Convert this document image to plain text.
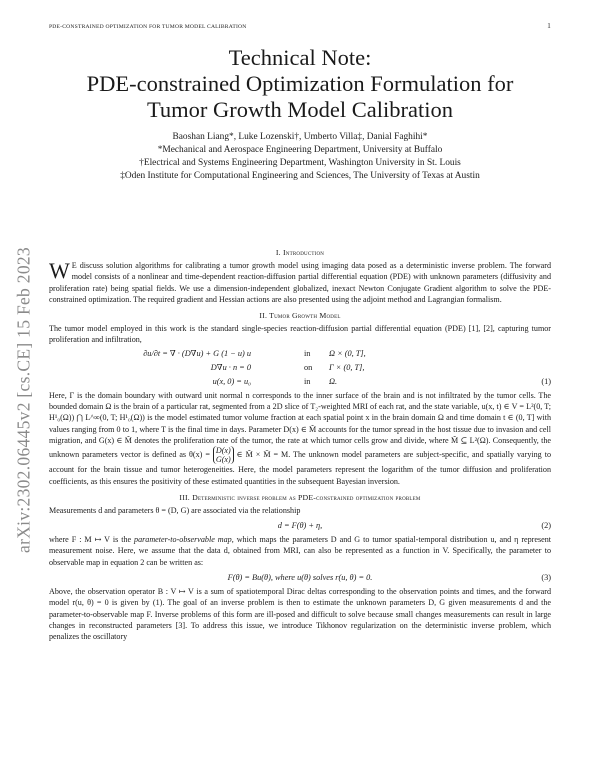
PDE-CONSTRAINED OPTIMIZATION FOR TUMOR MODEL CALIBRATION	1
arXiv:2302.06445v2 [cs.CE] 15 Feb 2023
Technical Note:
PDE-constrained Optimization Formulation for
Tumor Growth Model Calibration
Baoshan Liang*, Luke Lozenski†, Umberto Villa‡, Danial Faghihi*
*Mechanical and Aerospace Engineering Department, University at Buffalo
†Electrical and Systems Engineering Department, Washington University in St. Louis
‡Oden Institute for Computational Engineering and Sciences, The University of Texas at Austin
I. Introduction

W E discuss solution algorithms for calibrating a tumor growth model using imaging data posed as a deterministic inverse problem. The forward model consists of a nonlinear and time-dependent reaction-diffusion partial differential equation (PDE) with unknown parameters (diffusivity and proliferation rate) being spatial fields. We use a dimension-independent globalized, inexact Newton Conjugate Gradient algorithm to solve the PDE-constrained optimization. The required gradient and Hessian actions are also presented using the adjoint method and Lagrangian formalism.

II. Tumor Growth Model

The tumor model employed in this work is the standard single-species reaction-diffusion partial differential equation (PDE) [1], [2], capturing tumor proliferation and infiltration,

∂u/∂t = ∇ · (D∇u) + G (1 − u) u	in Ω × (0, T],
D∇u · n = 0	on Γ × (0, T],
u(x, 0) = u₀	in Ω.	(1)

Here, Γ is the domain boundary with outward unit normal n corresponds to the inner surface of the brain and is not infiltrated by the tumor cells. The bounded domain Ω is the brain of a particular rat, segmented from a 2D slice of T₂-weighted MRI of each rat, and the state variable, u(x, t) ∈ V = L²(0, T; H¹₀(Ω)) ⋂ L^∞(0, T; H¹₀(Ω)) is the model estimated tumor volume fraction at each spatial point x in the brain domain Ω and time domain t ∈ (0, T] with values ranging from 0 to 1, where T is the final time in days. Parameter D(x) ∈ M̃ accounts for the tumor spread in the host tissue due to invasion and cell migration, and G(x) ∈ M̃ denotes the proliferation rate of the tumor, the rate at which tumor cells grow and divide, where M̃ ⊆ L²(Ω). Consequently, the unknown parameters vector is defined as θ(x) = D(x)
G(x) ∈ M̃ × M̃ = M. The unknown model parameters are subject-specific, and spatially varying to account for the brain tissue and tumor heterogeneities. Here, the model parameters represent the logarithm of the tumor diffusion and proliferation coefficients, as this ensures the positivity of these estimated quantities in the subsequent Bayesian inversion.

III. Deterministic inverse problem as PDE-constrained optimization problem

Measurements d and parameters θ = (D, G) are associated via the relationship

d = F(θ) + η,	(2)

where F : M ↦ V is the parameter-to-observable map, which maps the parameters D and G to tumor spatial-temporal distribution u, and η represent measurement noise. Here, we assume that the data d, obtained from MRI, can also be represented as a function in V. Specifically, the parameter to observable map in equation 2 can be written as:

F(θ) = Bu(θ), where u(θ) solves r(u, θ) = 0.	(3)

Above, the observation operator B : V ↦ V is a sum of spatiotemporal Dirac deltas corresponding to the observation points and times, and the forward model r(u, θ) = 0 is given by (1). The goal of an inverse problem is then to estimate the unknown parameters D, G given measurements d and the parameter-to-observable map F. Inverse problems of this form are ill-posed and difficult to solve because small changes measurements can result in large changes in reconstructed parameters [3]. To address this issue, we introduce Tikhonov regularization on the deterministic inverse problem, which penalizes the oscillatory
